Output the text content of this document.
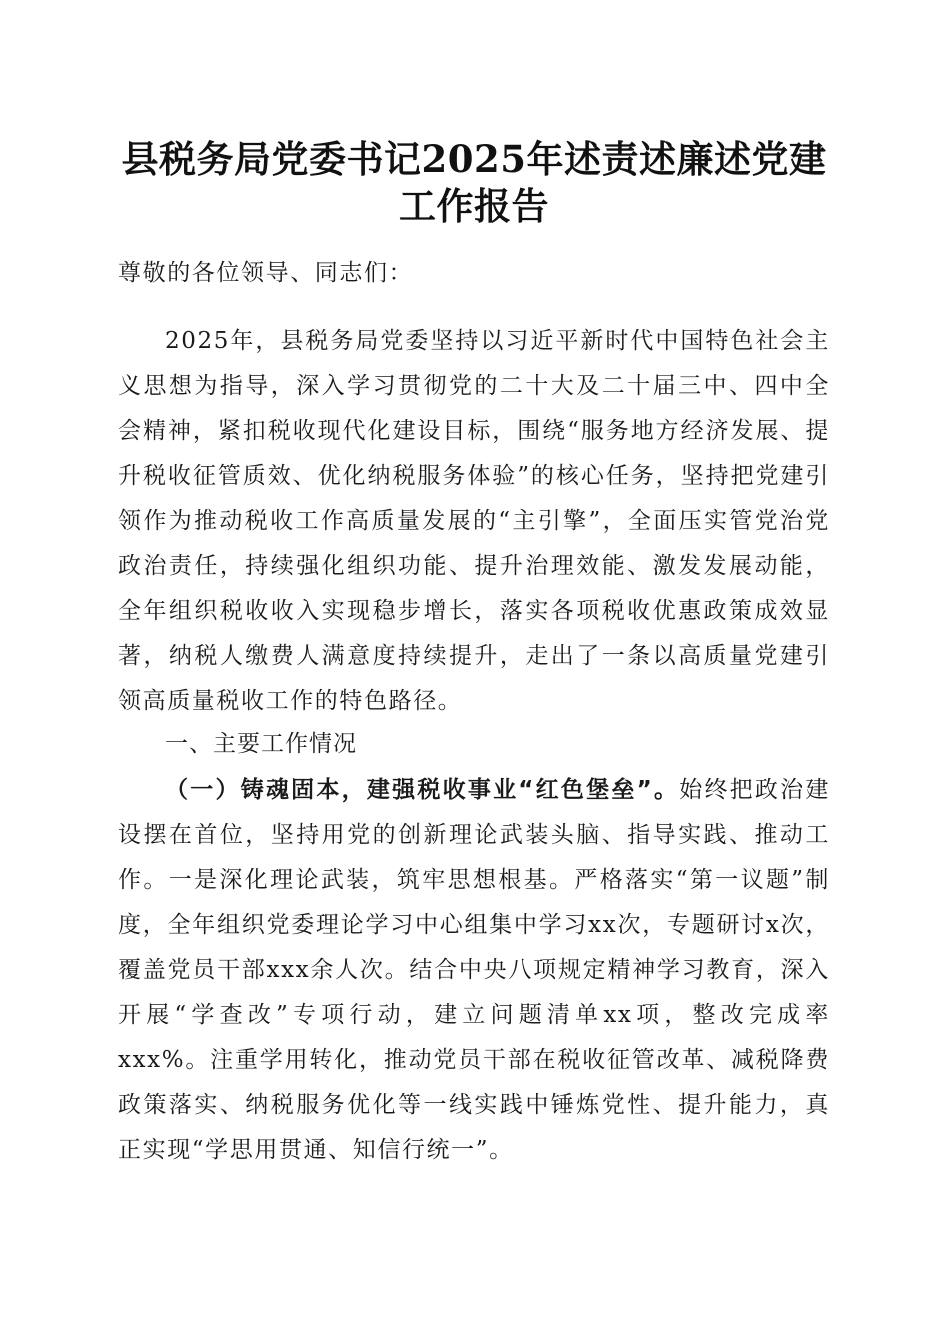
县税务局党委书记2025年述责述廉述党建工作报告

尊敬的各位领导、同志们：

2025年，县税务局党委坚持以习近平新时代中国特色社会主义思想为指导，深入学习贯彻党的二十大及二十届三中、四中全会精神，紧扣税收现代化建设目标，围绕“服务地方经济发展、提升税收征管质效、优化纳税服务体验”的核心任务，坚持把党建引领作为推动税收工作高质量发展的“主引擎”，全面压实管党治党政治责任，持续强化组织功能、提升治理效能、激发发展动能，全年组织税收收入实现稳步增长，落实各项税收优惠政策成效显著，纳税人缴费人满意度持续提升，走出了一条以高质量党建引领高质量税收工作的特色路径。

一、主要工作情况

（一）铸魂固本，建强税收事业“红色堡垒”。始终把政治建设摆在首位，坚持用党的创新理论武装头脑、指导实践、推动工作。一是深化理论武装，筑牢思想根基。严格落实“第一议题”制度，全年组织党委理论学习中心组集中学习xx次，专题研讨x次，覆盖党员干部xxx余人次。结合中央八项规定精神学习教育，深入开展“学查改”专项行动，建立问题清单xx项，整改完成率xxx%。注重学用转化，推动党员干部在税收征管改革、减税降费政策落实、纳税服务优化等一线实践中锤炼党性、提升能力，真正实现“学思用贯通、知信行统一”。
